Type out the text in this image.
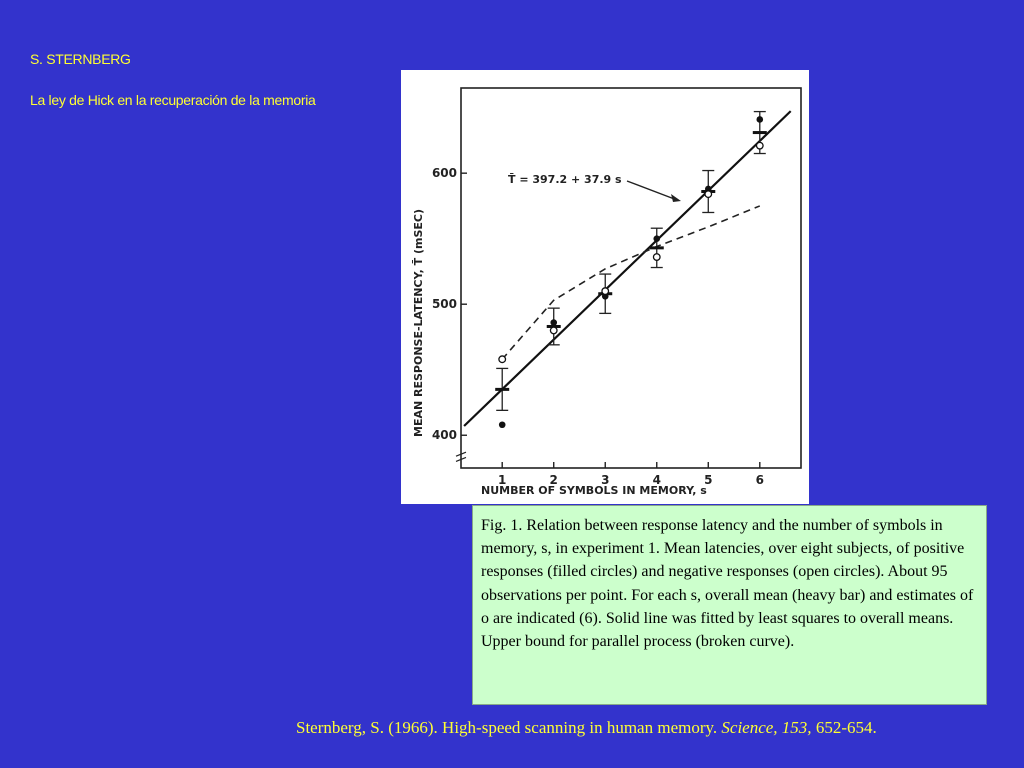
S. STERNBERG
La ley de Hick en la recuperación de la memoria
1	2	3	4	5	6
400
500
600
MEAN RESPONSE-LATENCY, T̄ (mSEC)
NUMBER OF SYMBOLS IN MEMORY, s
T̄ = 397.2 + 37.9 s
Fig. 1. Relation between response latency and the number of symbols in memory, s, in experiment 1. Mean latencies, over eight subjects, of positive responses (filled circles) and negative responses (open circles). About 95 observations per point. For each s, overall mean (heavy bar) and estimates of o are indicated (6). Solid line was fitted by least squares to overall means. Upper bound for parallel process (broken curve).
Sternberg, S. (1966). High-speed scanning in human memory. Science, 153, 652-654.
